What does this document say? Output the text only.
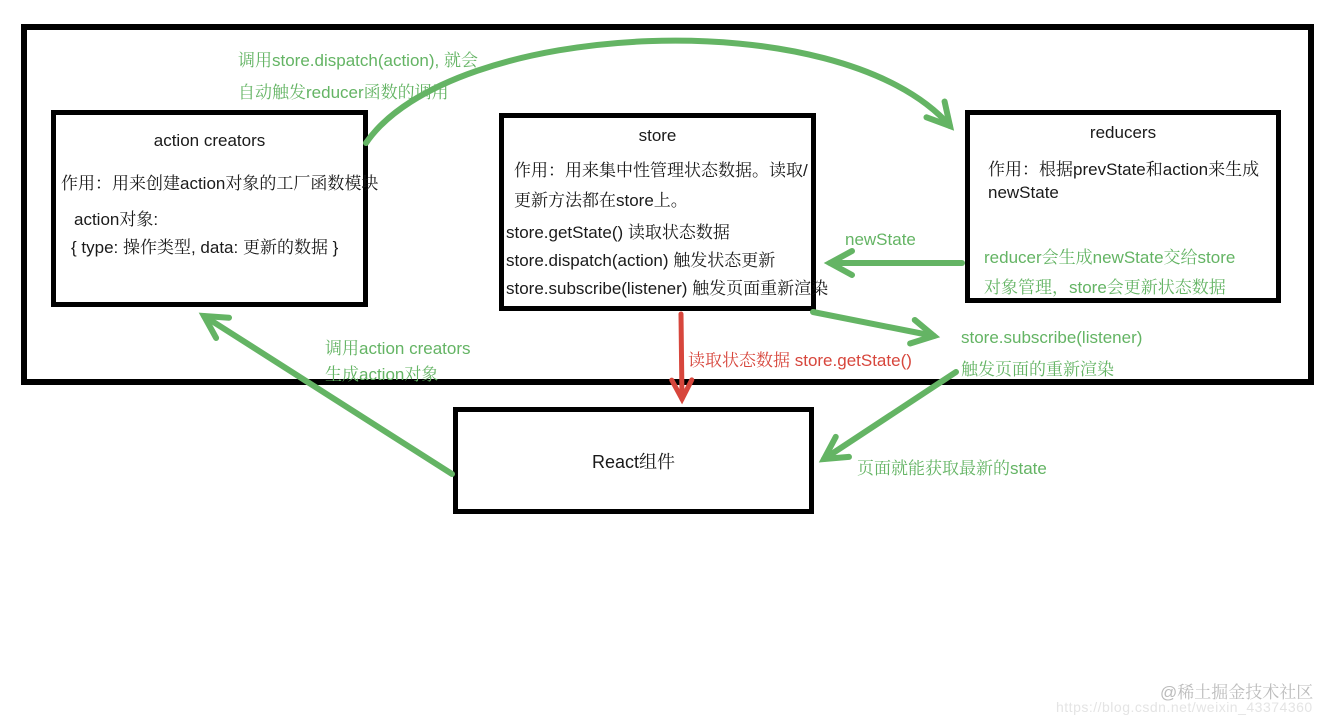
调用store.dispatch(action), 就会
自动触发reducer函数的调用
action creators
作用：用来创建action对象的工厂函数模块
action对象:
{ type: 操作类型, data: 更新的数据 }
store
作用：用来集中性管理状态数据。读取/
更新方法都在store上。
store.getState() 读取状态数据
store.dispatch(action) 触发状态更新
store.subscribe(listener) 触发页面重新渲染
reducers
作用：根据prevState和action来生成
newState
reducer会生成newState交给store
对象管理，store会更新状态数据
React组件
newState
调用action creators
生成action对象
读取状态数据 store.getState()
store.subscribe(listener)
触发页面的重新渲染
页面就能获取最新的state
@稀土掘金技术社区
https://blog.csdn.net/weixin_43374360
